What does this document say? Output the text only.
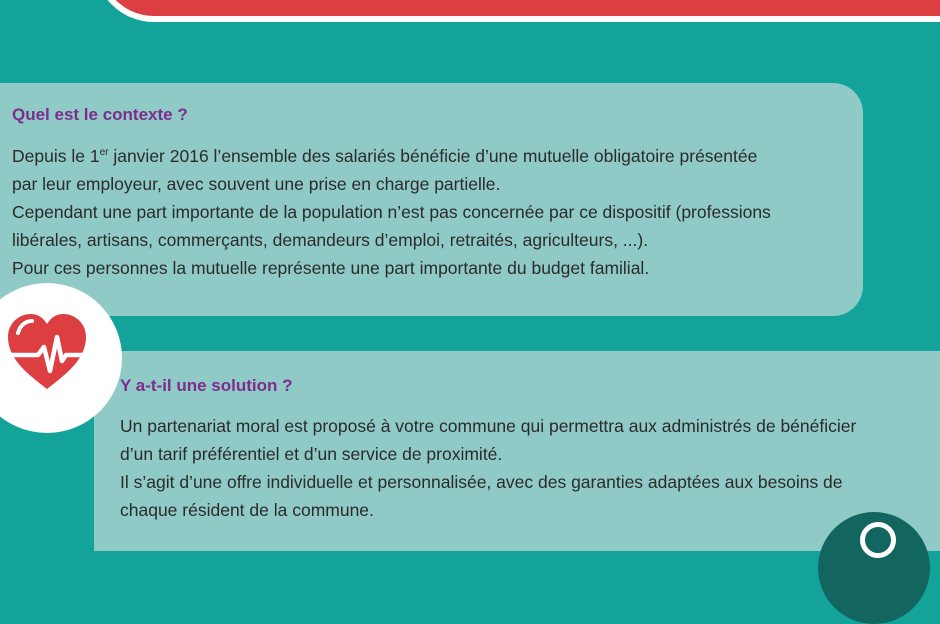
Quel est le contexte ?

Depuis le 1er janvier 2016 l’ensemble des salariés bénéficie d’une mutuelle obligatoire présentée
par leur employeur, avec souvent une prise en charge partielle.
Cependant une part importante de la population n’est pas concernée par ce dispositif (professions
libérales, artisans, commerçants, demandeurs d’emploi, retraités, agriculteurs, ...).
Pour ces personnes la mutuelle représente une part importante du budget familial.

Y a-t-il une solution ?

Un partenariat moral est proposé à votre commune qui permettra aux administrés de bénéficier
d’un tarif préférentiel et d’un service de proximité.
Il s’agit d’une offre individuelle et personnalisée, avec des garanties adaptées aux besoins de
chaque résident de la commune.
